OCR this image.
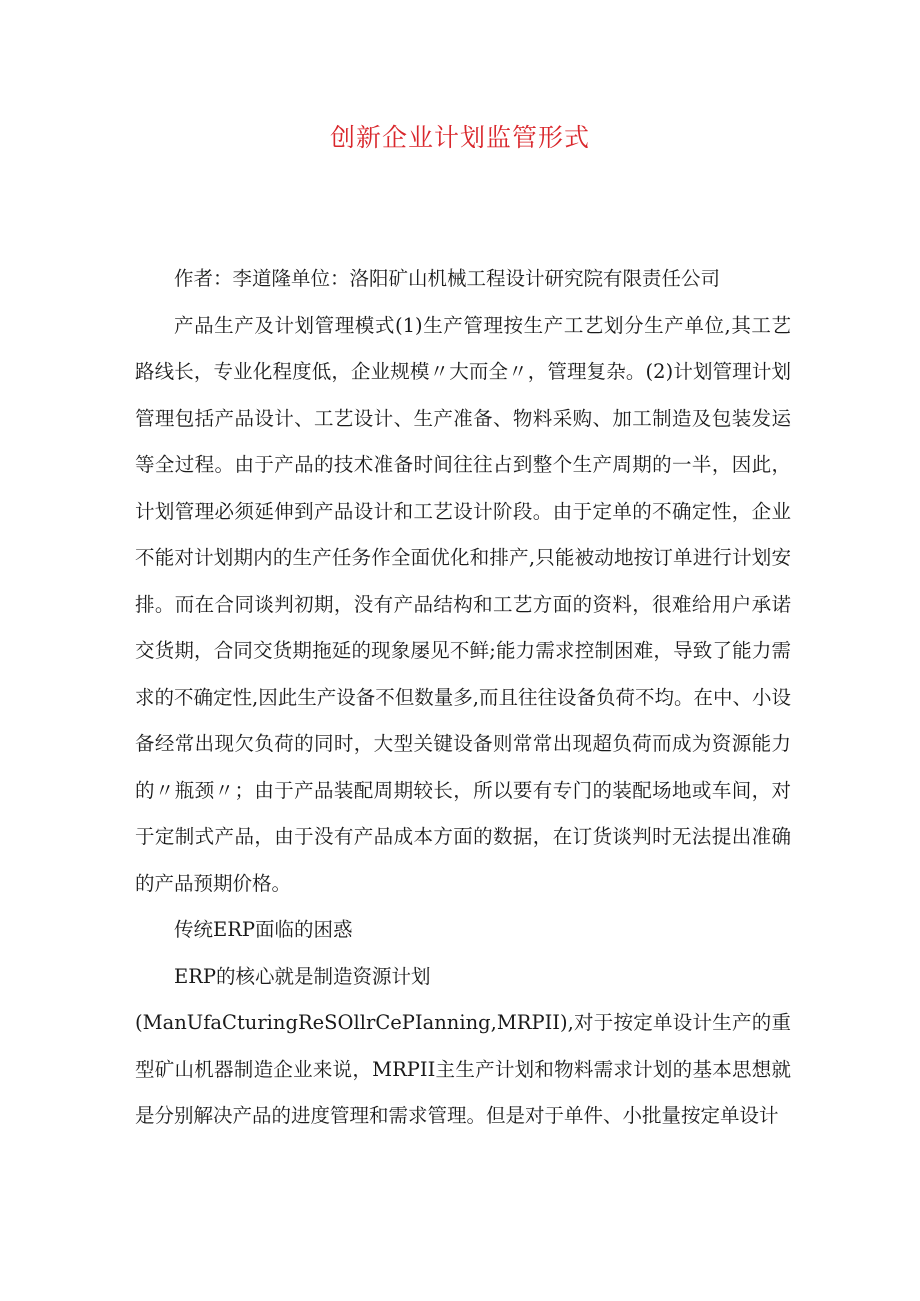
创新企业计划监管形式

作者：李道隆单位：洛阳矿山机械工程设计研究院有限责任公司

产品生产及计划管理模式(1)生产管理按生产工艺划分生产单位,其工艺路线长，专业化程度低，企业规模〃大而全〃，管理复杂。(2)计划管理计划管理包括产品设计、工艺设计、生产准备、物料采购、加工制造及包装发运等全过程。由于产品的技术准备时间往往占到整个生产周期的一半，因此，计划管理必须延伸到产品设计和工艺设计阶段。由于定单的不确定性，企业不能对计划期内的生产任务作全面优化和排产,只能被动地按订单进行计划安排。而在合同谈判初期，没有产品结构和工艺方面的资料，很难给用户承诺交货期，合同交货期拖延的现象屡见不鲜;能力需求控制困难，导致了能力需求的不确定性,因此生产设备不但数量多,而且往往设备负荷不均。在中、小设备经常出现欠负荷的同时，大型关键设备则常常出现超负荷而成为资源能力的〃瓶颈〃；由于产品装配周期较长，所以要有专门的装配场地或车间，对于定制式产品，由于没有产品成本方面的数据，在订货谈判时无法提出准确的产品预期价格。

传统ERP面临的困惑

ERP的核心就是制造资源计划

(ManUfaCturingReSOllrCePIanning,MRPII),对于按定单设计生产的重型矿山机器制造企业来说，MRPII主生产计划和物料需求计划的基本思想就是分别解决产品的进度管理和需求管理。但是对于单件、小批量按定单设计
